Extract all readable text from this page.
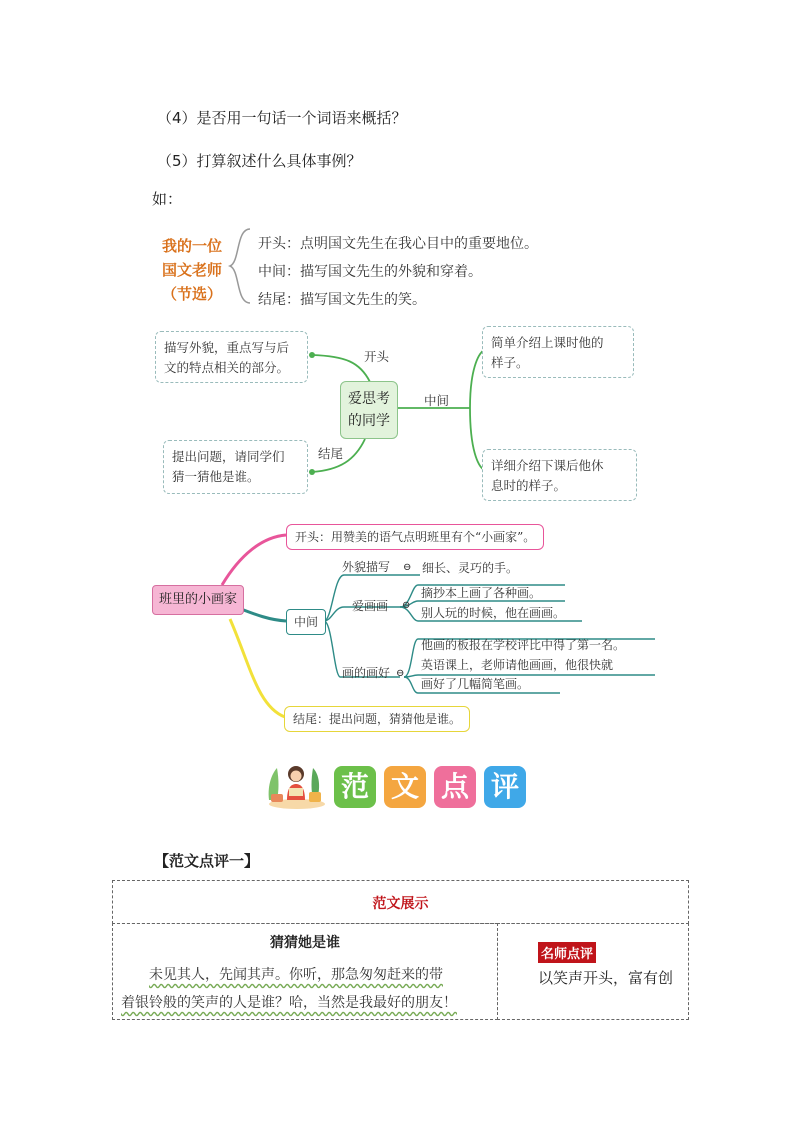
（4）是否用一句话一个词语来概括？
（5）打算叙述什么具体事例？
如：
我的一位
国文老师
（节选）
开头：点明国文先生在我心目中的重要地位。
中间：描写国文先生的外貌和穿着。
结尾：描写国文先生的笑。
描写外貌，重点写与后
文的特点相关的部分。
提出问题，请同学们
猜一猜他是谁。
简单介绍上课时他的
样子。
详细介绍下课后他休
息时的样子。
爱思考
的同学
开头
中间
结尾
班里的小画家
开头：用赞美的语气点明班里有个“小画家”。
中间
外貌描写 ⊖ 细长、灵巧的手。
爱画画 ⊖
摘抄本上画了各种画。
别人玩的时候，他在画画。
画的画好 ⊖
他画的板报在学校评比中得了第一名。
英语课上，老师请他画画，他很快就
画好了几幅简笔画。
结尾：提出问题，猜猜他是谁。
范 文 点 评
【范文点评一】
范文展示
猜猜她是谁
未见其人，先闻其声。你听，那急匆匆赶来的带
着银铃般的笑声的人是谁？哈，当然是我最好的朋友！
名师点评
以笑声开头，富有创
